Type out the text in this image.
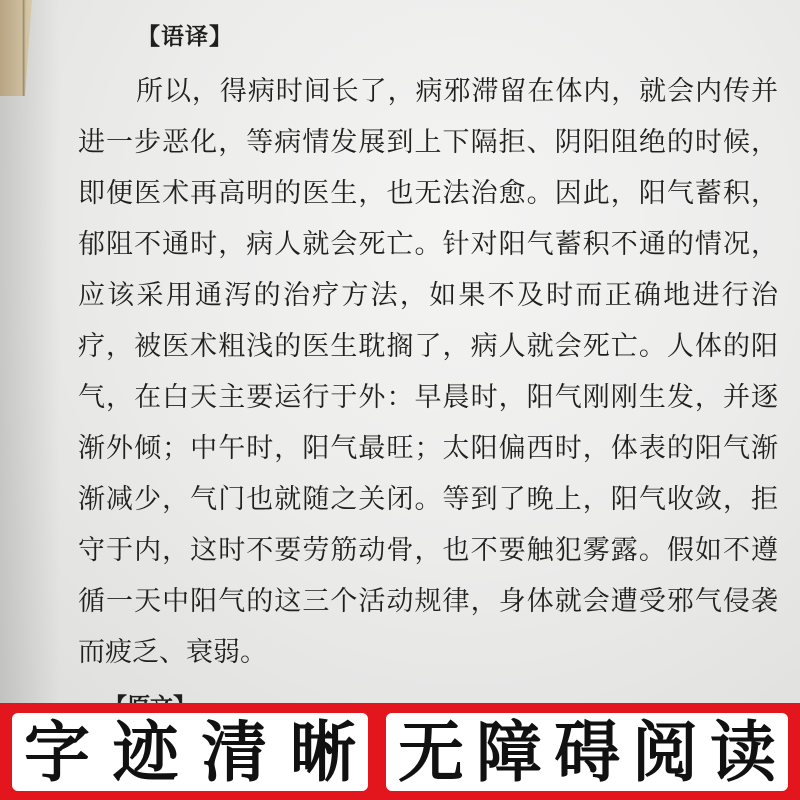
【语译】
所以，得病时间长了，病邪滞留在体内，就会内传并
进一步恶化，等病情发展到上下隔拒、阴阳阻绝的时候，
即便医术再高明的医生，也无法治愈。因此，阳气蓄积，
郁阻不通时，病人就会死亡。针对阳气蓄积不通的情况，
应该采用通泻的治疗方法，如果不及时而正确地进行治
疗，被医术粗浅的医生耽搁了，病人就会死亡。人体的阳
气，在白天主要运行于外：早晨时，阳气刚刚生发，并逐
渐外倾；中午时，阳气最旺；太阳偏西时，体表的阳气渐
渐减少，气门也就随之关闭。等到了晚上，阳气收敛，拒
守于内，这时不要劳筋动骨，也不要触犯雾露。假如不遵
循一天中阳气的这三个活动规律，身体就会遭受邪气侵袭
而疲乏、衰弱。
字迹清晰 无障碍阅读
